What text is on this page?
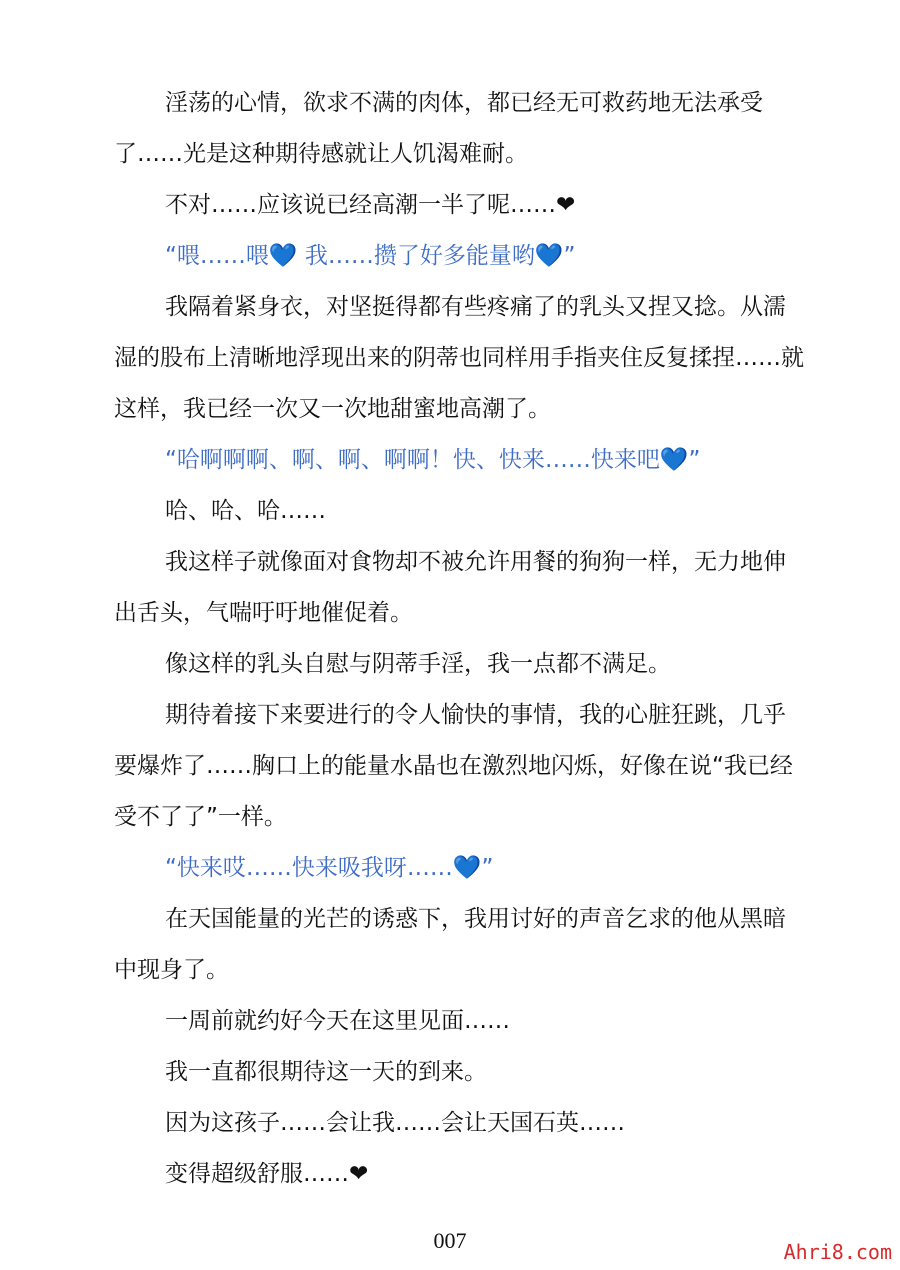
淫荡的心情，欲求不满的肉体，都已经无可救药地无法承受了……光是这种期待感就让人饥渴难耐。

不对……应该说已经高潮一半了呢……❤

“喂……喂💙 我……攒了好多能量哟💙”

我隔着紧身衣，对坚挺得都有些疼痛了的乳头又捏又捻。从濡湿的股布上清晰地浮现出来的阴蒂也同样用手指夹住反复揉捏……就这样，我已经一次又一次地甜蜜地高潮了。

“哈啊啊啊、啊、啊、啊啊！快、快来……快来吧💙”

哈、哈、哈……

我这样子就像面对食物却不被允许用餐的狗狗一样，无力地伸出舌头，气喘吁吁地催促着。

像这样的乳头自慰与阴蒂手淫，我一点都不满足。

期待着接下来要进行的令人愉快的事情，我的心脏狂跳，几乎要爆炸了……胸口上的能量水晶也在激烈地闪烁，好像在说“我已经受不了了”一样。

“快来哎……快来吸我呀……💙”

在天国能量的光芒的诱惑下，我用讨好的声音乞求的他从黑暗中现身了。

一周前就约好今天在这里见面……

我一直都很期待这一天的到来。

因为这孩子……会让我……会让天国石英……

变得超级舒服……❤

007	Ahri8.com
